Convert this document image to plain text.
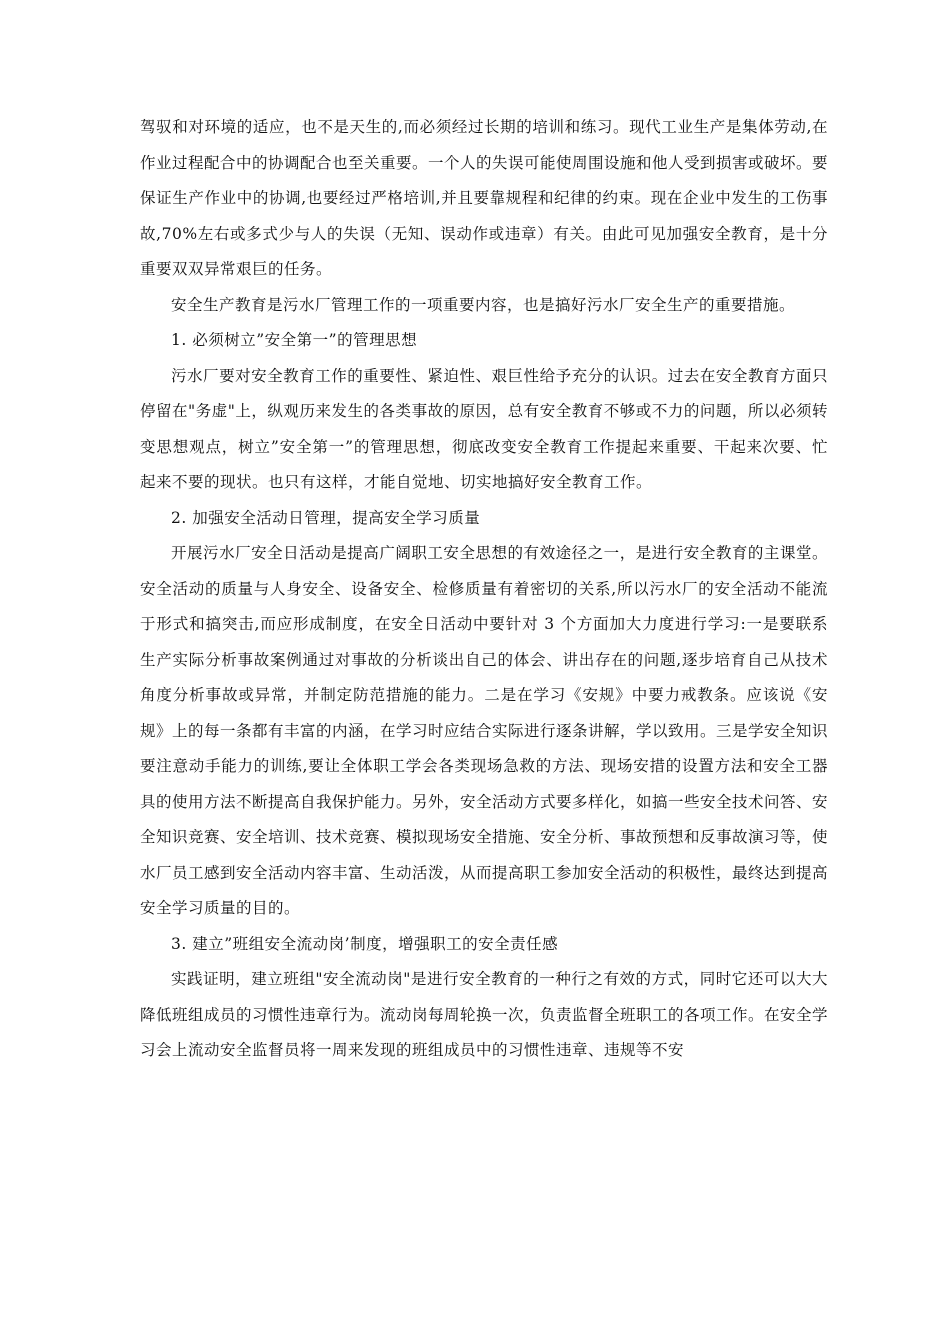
驾驭和对环境的适应，也不是天生的,而必须经过长期的培训和练习。现代工业生产是集体劳动,在作业过程配合中的协调配合也至关重要。一个人的失误可能使周围设施和他人受到损害或破坏。要保证生产作业中的协调,也要经过严格培训,并且要靠规程和纪律的约束。现在企业中发生的工伤事故,70%左右或多式少与人的失误（无知、误动作或违章）有关。由此可见加强安全教育，是十分重要双双异常艰巨的任务。

安全生产教育是污水厂管理工作的一项重要内容，也是搞好污水厂安全生产的重要措施。

1. 必须树立”安全第一”的管理思想

污水厂要对安全教育工作的重要性、紧迫性、艰巨性给予充分的认识。过去在安全教育方面只停留在"务虚"上，纵观历来发生的各类事故的原因，总有安全教育不够或不力的问题，所以必须转变思想观点，树立”安全第一”的管理思想，彻底改变安全教育工作提起来重要、干起来次要、忙起来不要的现状。也只有这样，才能自觉地、切实地搞好安全教育工作。

2. 加强安全活动日管理，提高安全学习质量

开展污水厂安全日活动是提高广阔职工安全思想的有效途径之一，是进行安全教育的主课堂。安全活动的质量与人身安全、设备安全、检修质量有着密切的关系,所以污水厂的安全活动不能流于形式和搞突击,而应形成制度，在安全日活动中要针对 3 个方面加大力度进行学习:一是要联系生产实际分析事故案例通过对事故的分析谈出自己的体会、讲出存在的问题,逐步培育自己从技术角度分析事故或异常，并制定防范措施的能力。二是在学习《安规》中要力戒教条。应该说《安规》上的每一条都有丰富的内涵，在学习时应结合实际进行逐条讲解，学以致用。三是学安全知识要注意动手能力的训练,要让全体职工学会各类现场急救的方法、现场安措的设置方法和安全工器具的使用方法不断提高自我保护能力。另外，安全活动方式要多样化，如搞一些安全技术问答、安全知识竞赛、安全培训、技术竞赛、模拟现场安全措施、安全分析、事故预想和反事故演习等，使水厂员工感到安全活动内容丰富、生动活泼，从而提高职工参加安全活动的积极性，最终达到提高安全学习质量的目的。

3. 建立”班组安全流动岗’制度，增强职工的安全责任感

实践证明，建立班组"安全流动岗"是进行安全教育的一种行之有效的方式，同时它还可以大大降低班组成员的习惯性违章行为。流动岗每周轮换一次，负责监督全班职工的各项工作。在安全学习会上流动安全监督员将一周来发现的班组成员中的习惯性违章、违规等不安
